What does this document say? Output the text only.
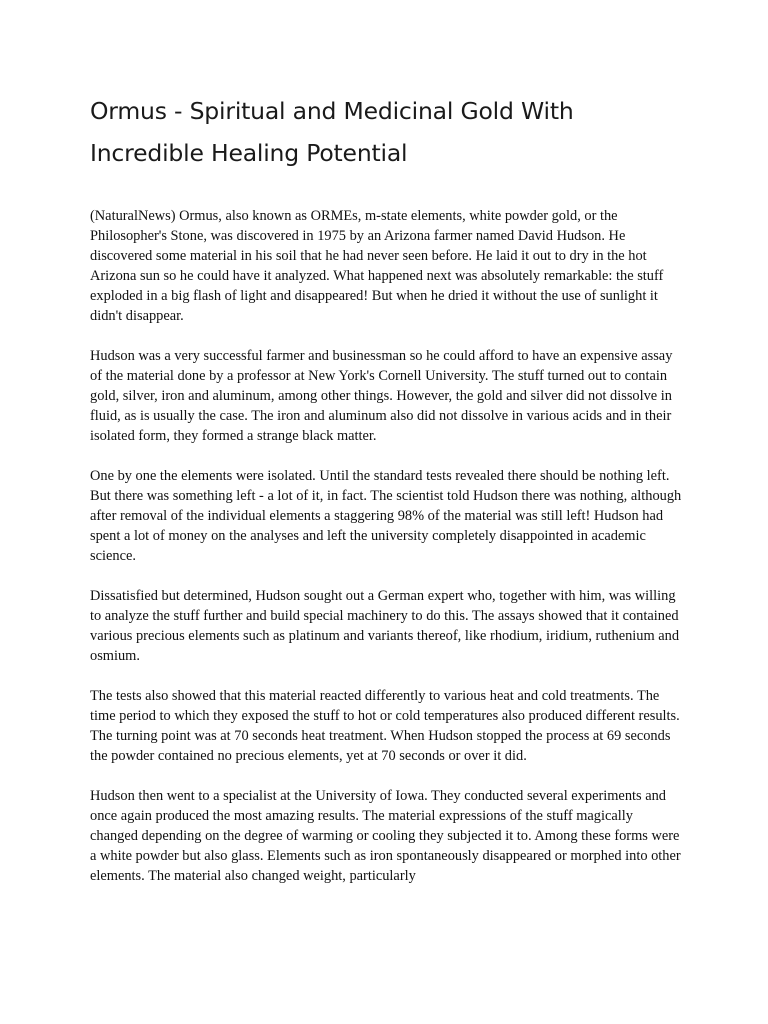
Ormus - Spiritual and Medicinal Gold With Incredible Healing Potential

(NaturalNews) Ormus, also known as ORMEs, m-state elements, white powder gold, or the Philosopher's Stone, was discovered in 1975 by an Arizona farmer named David Hudson. He discovered some material in his soil that he had never seen before. He laid it out to dry in the hot Arizona sun so he could have it analyzed. What happened next was absolutely remarkable: the stuff exploded in a big flash of light and disappeared! But when he dried it without the use of sunlight it didn't disappear.

Hudson was a very successful farmer and businessman so he could afford to have an expensive assay of the material done by a professor at New York's Cornell University. The stuff turned out to contain gold, silver, iron and aluminum, among other things. However, the gold and silver did not dissolve in fluid, as is usually the case. The iron and aluminum also did not dissolve in various acids and in their isolated form, they formed a strange black matter.

One by one the elements were isolated. Until the standard tests revealed there should be nothing left. But there was something left - a lot of it, in fact. The scientist told Hudson there was nothing, although after removal of the individual elements a staggering 98% of the material was still left! Hudson had spent a lot of money on the analyses and left the university completely disappointed in academic science.

Dissatisfied but determined, Hudson sought out a German expert who, together with him, was willing to analyze the stuff further and build special machinery to do this. The assays showed that it contained various precious elements such as platinum and variants thereof, like rhodium, iridium, ruthenium and osmium.

The tests also showed that this material reacted differently to various heat and cold treatments. The time period to which they exposed the stuff to hot or cold temperatures also produced different results. The turning point was at 70 seconds heat treatment. When Hudson stopped the process at 69 seconds the powder contained no precious elements, yet at 70 seconds or over it did.

Hudson then went to a specialist at the University of Iowa. They conducted several experiments and once again produced the most amazing results. The material expressions of the stuff magically changed depending on the degree of warming or cooling they subjected it to. Among these forms were a white powder but also glass. Elements such as iron spontaneously disappeared or morphed into other elements. The material also changed weight, particularly
